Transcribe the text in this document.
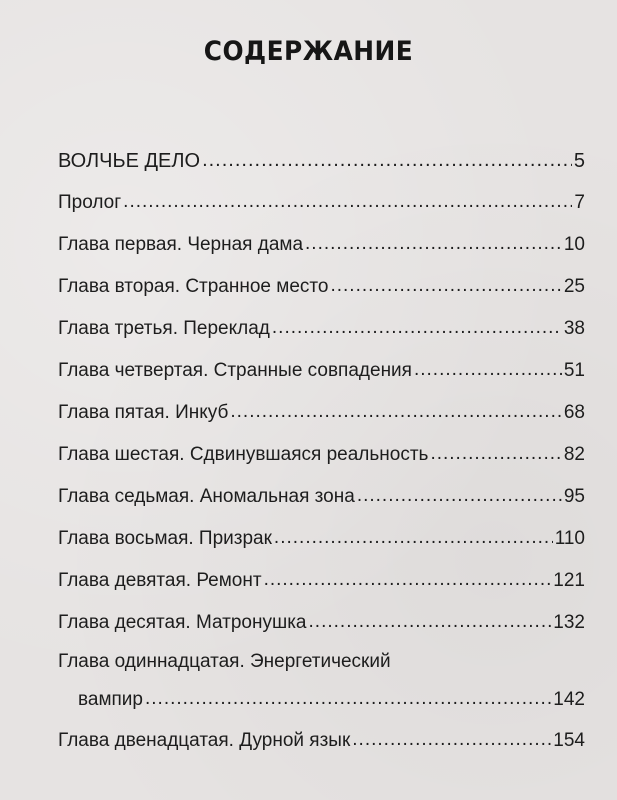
СОДЕРЖАНИЕ
ВОЛЧЬЕ ДЕЛО .....	5
Пролог .....	7
Глава первая. Черная дама .....	10
Глава вторая. Странное место .....	25
Глава третья. Переклад .....	38
Глава четвертая. Странные совпадения .....	51
Глава пятая. Инкуб .....	68
Глава шестая. Сдвинувшаяся реальность .....	82
Глава седьмая. Аномальная зона .....	95
Глава восьмая. Призрак .....	110
Глава девятая. Ремонт .....	121
Глава десятая. Матронушка .....	132
Глава одиннадцатая. Энергетический
вампир .....	142
Глава двенадцатая. Дурной язык .....	154
